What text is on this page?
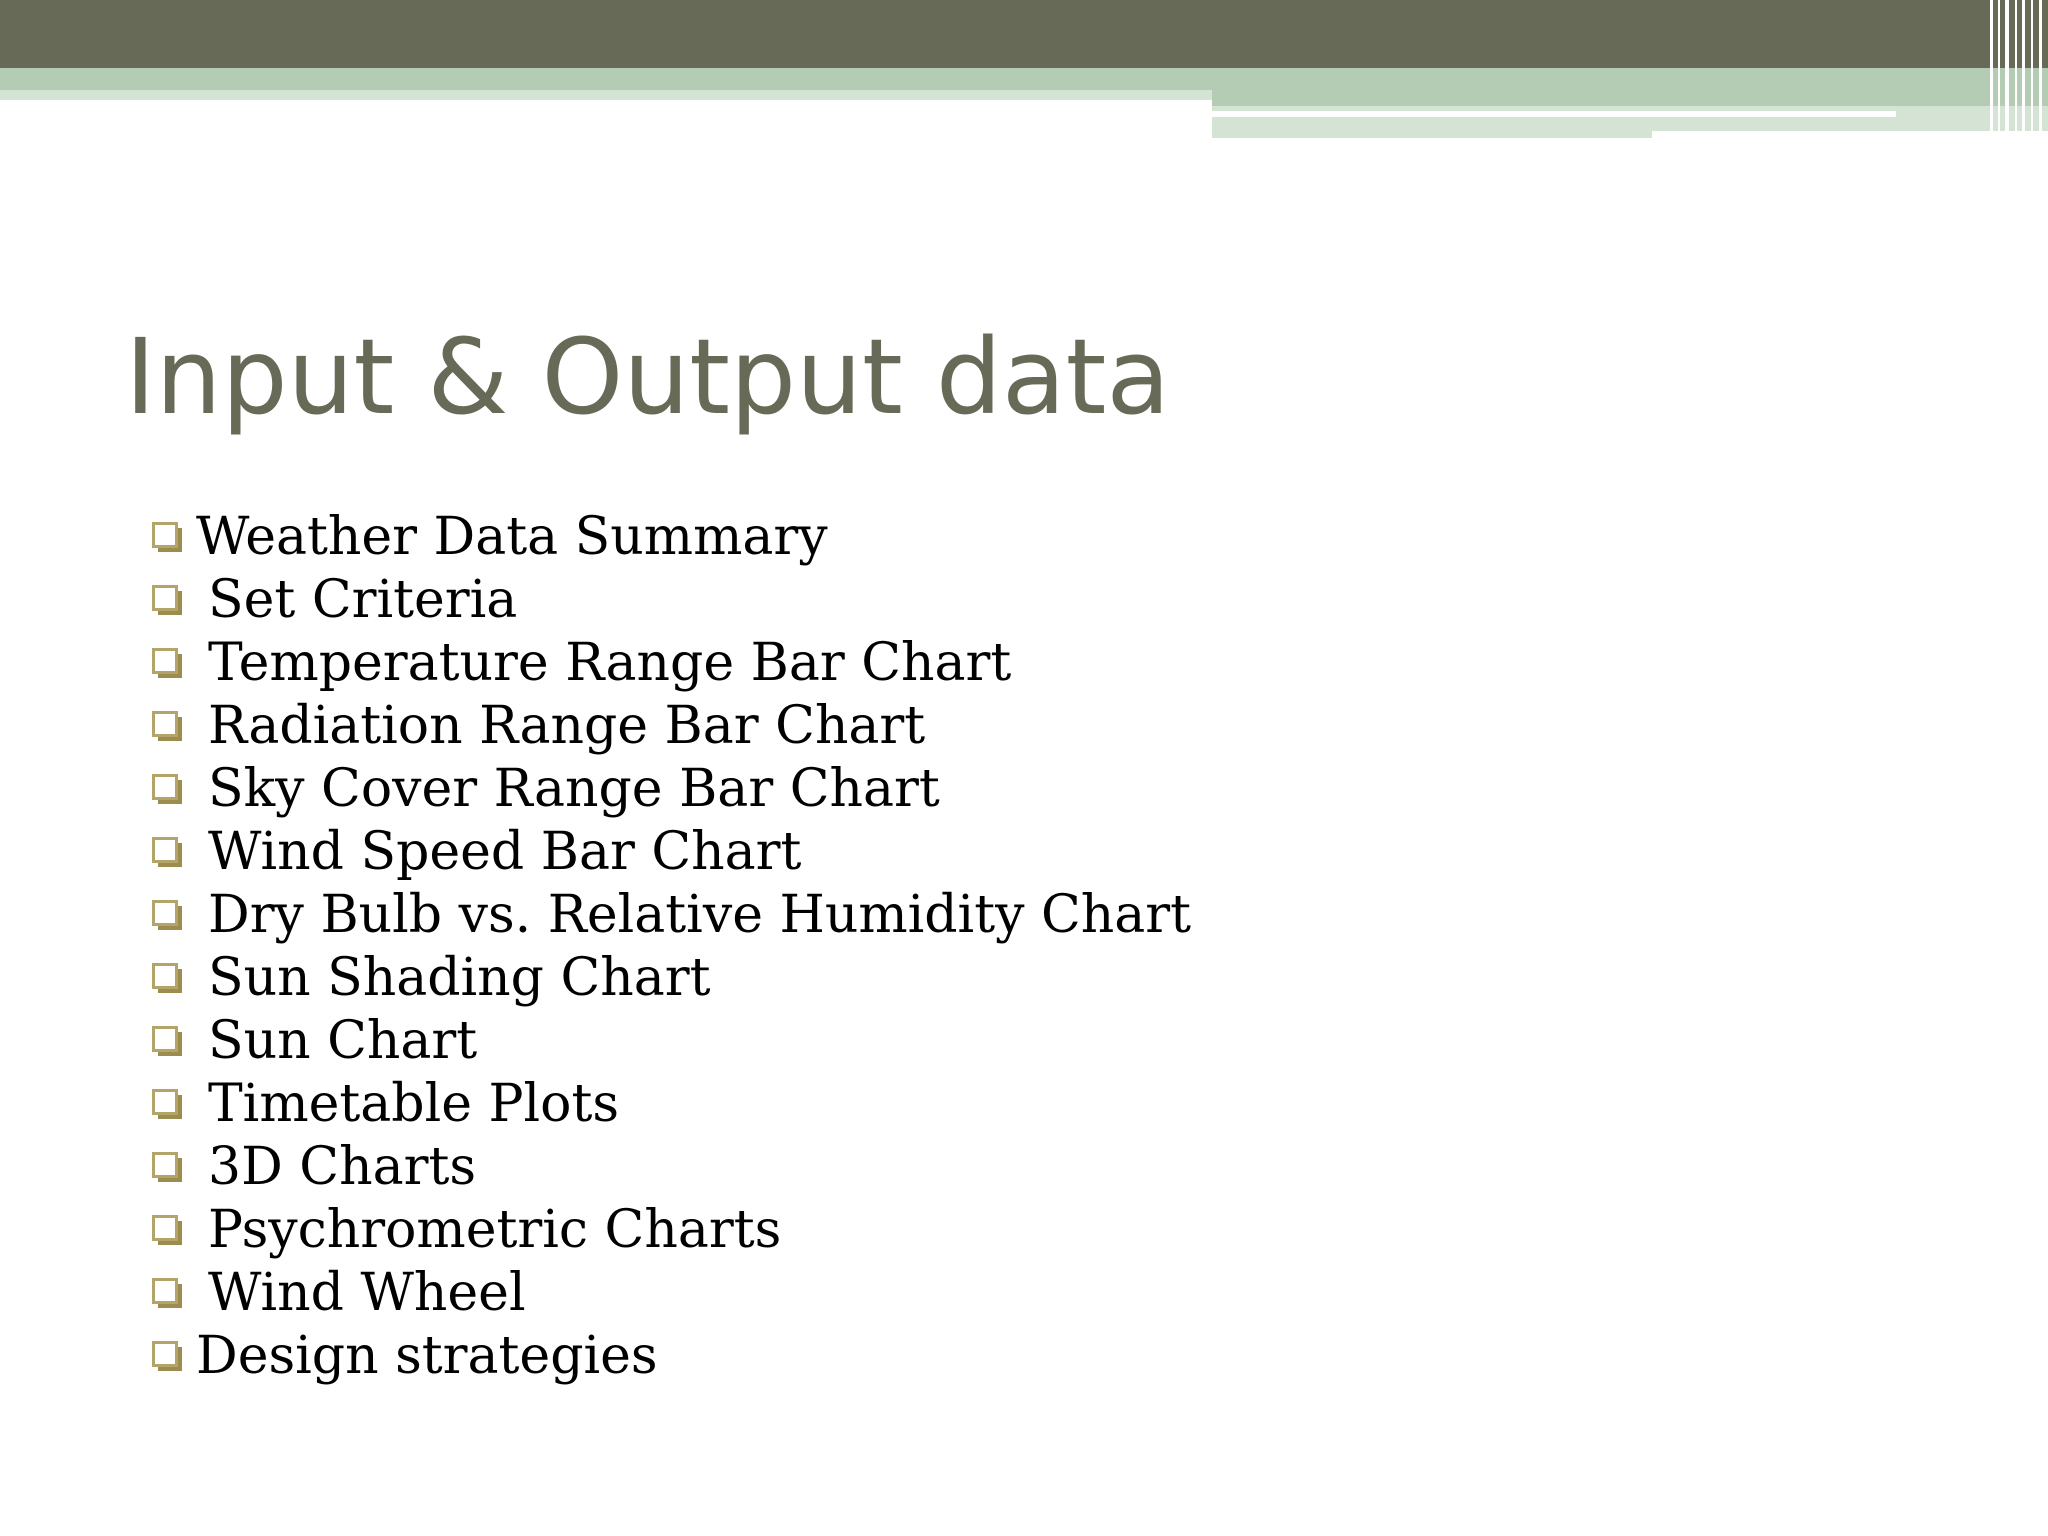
Input & Output data
Weather Data Summary
Set Criteria
Temperature Range Bar Chart
Radiation Range Bar Chart
Sky Cover Range Bar Chart
Wind Speed Bar Chart
Dry Bulb vs. Relative Humidity Chart
Sun Shading Chart
Sun Chart
Timetable Plots
3D Charts
Psychrometric Charts
Wind Wheel
Design strategies
